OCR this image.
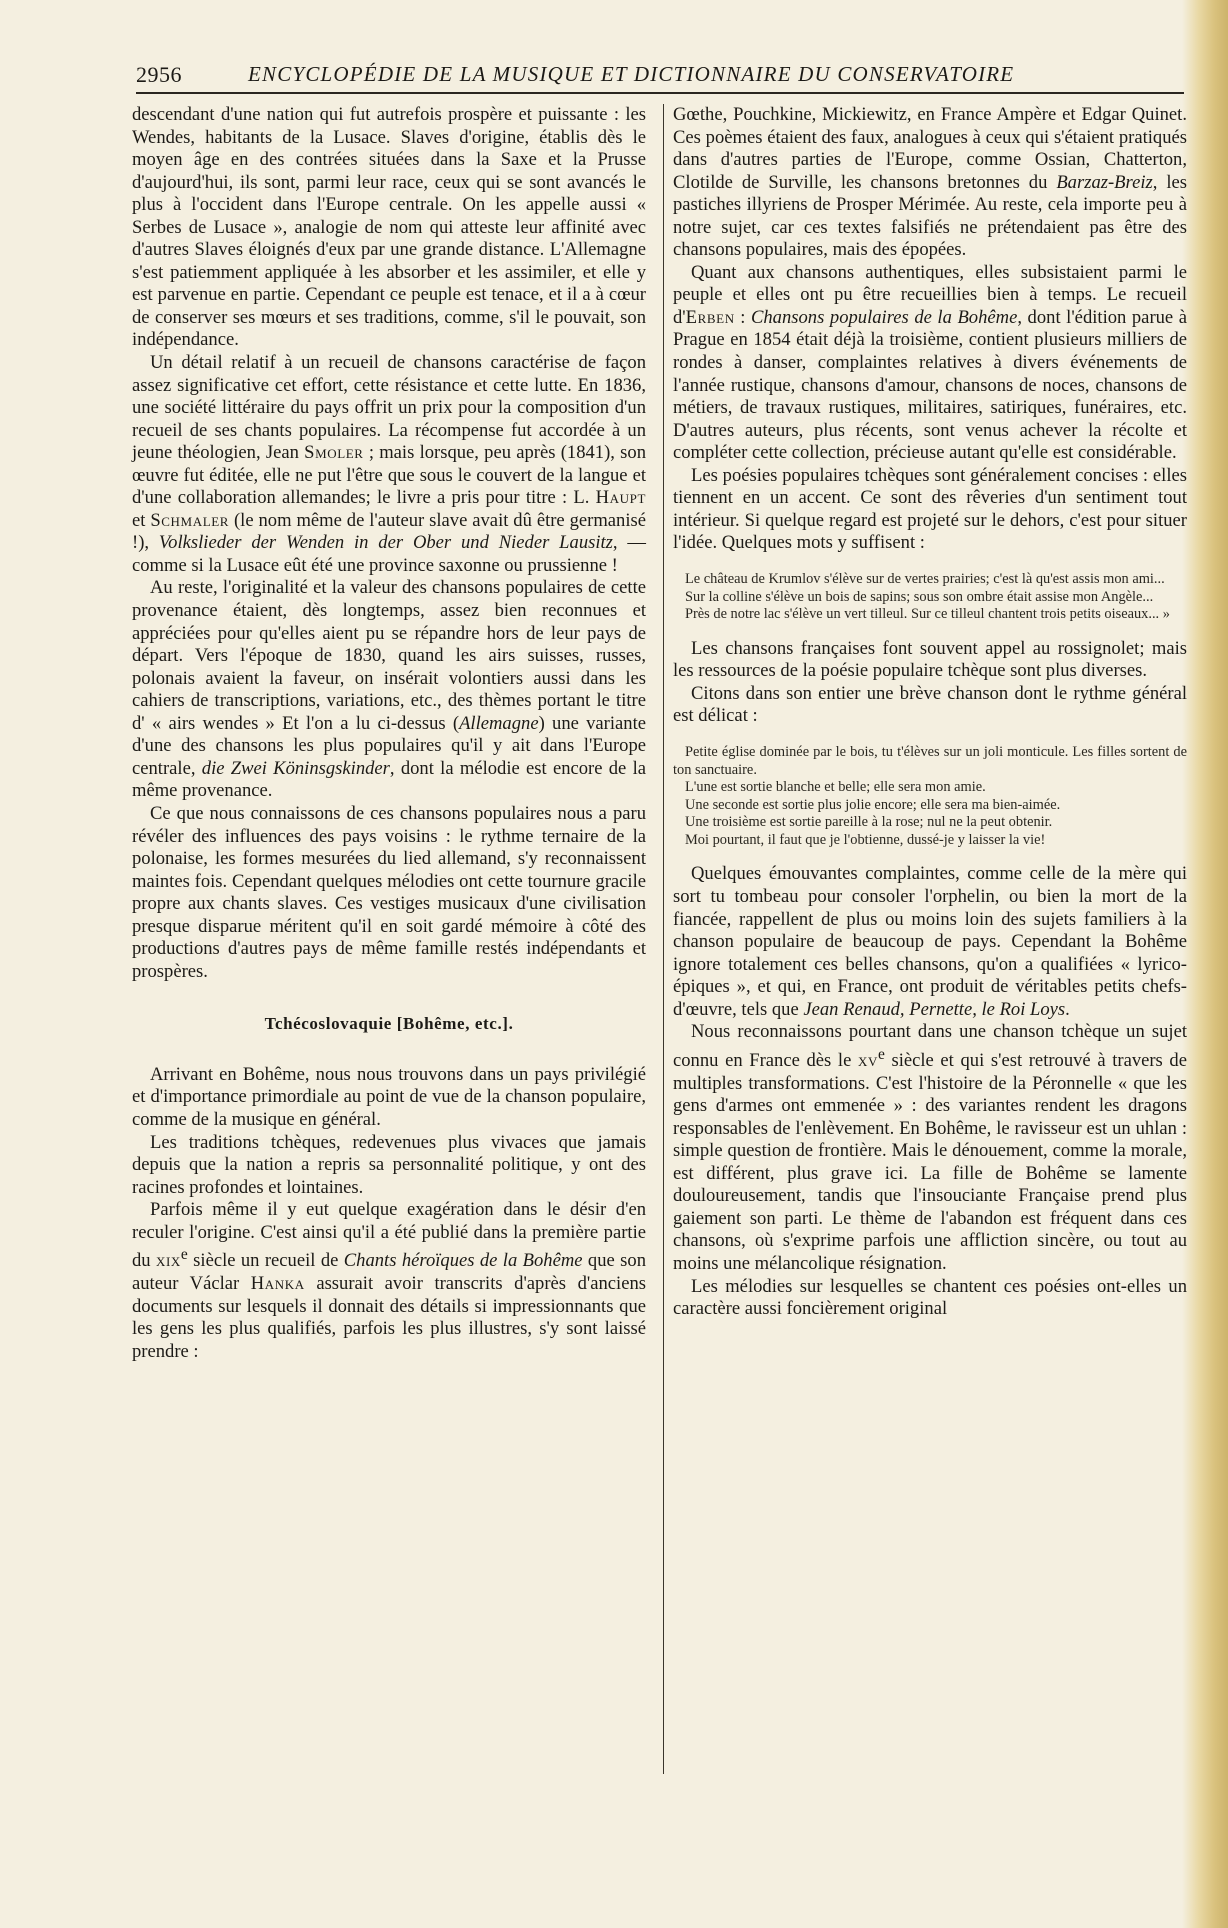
2956	ENCYCLOPÉDIE DE LA MUSIQUE ET DICTIONNAIRE DU CONSERVATOIRE

descendant d'une nation qui fut autrefois prospère et puissante : les Wendes, habitants de la Lusace. Slaves d'origine, établis dès le moyen âge en des contrées situées dans la Saxe et la Prusse d'aujourd'hui, ils sont, parmi leur race, ceux qui se sont avancés le plus à l'occident dans l'Europe centrale. On les appelle aussi « Serbes de Lusace », analogie de nom qui atteste leur affinité avec d'autres Slaves éloignés d'eux par une grande distance. L'Allemagne s'est patiemment appliquée à les absorber et les assimiler, et elle y est parvenue en partie. Cependant ce peuple est tenace, et il a à cœur de conserver ses mœurs et ses traditions, comme, s'il le pouvait, son indépendance.

Un détail relatif à un recueil de chansons caractérise de façon assez significative cet effort, cette résistance et cette lutte. En 1836, une société littéraire du pays offrit un prix pour la composition d'un recueil de ses chants populaires. La récompense fut accordée à un jeune théologien, Jean Smoler ; mais lorsque, peu après (1841), son œuvre fut éditée, elle ne put l'être que sous le couvert de la langue et d'une collaboration allemandes; le livre a pris pour titre : L. Haupt et Schmaler (le nom même de l'auteur slave avait dû être germanisé !), Volkslieder der Wenden in der Ober und Nieder Lausitz, — comme si la Lusace eût été une province saxonne ou prussienne !

Au reste, l'originalité et la valeur des chansons populaires de cette provenance étaient, dès longtemps, assez bien reconnues et appréciées pour qu'elles aient pu se répandre hors de leur pays de départ. Vers l'époque de 1830, quand les airs suisses, russes, polonais avaient la faveur, on insérait volontiers aussi dans les cahiers de transcriptions, variations, etc., des thèmes portant le titre d' « airs wendes » Et l'on a lu ci-dessus (Allemagne) une variante d'une des chansons les plus populaires qu'il y ait dans l'Europe centrale, die Zwei Köninsgskinder, dont la mélodie est encore de la même provenance.

Ce que nous connaissons de ces chansons populaires nous a paru révéler des influences des pays voisins : le rythme ternaire de la polonaise, les formes mesurées du lied allemand, s'y reconnaissent maintes fois. Cependant quelques mélodies ont cette tournure gracile propre aux chants slaves. Ces vestiges musicaux d'une civilisation presque disparue méritent qu'il en soit gardé mémoire à côté des productions d'autres pays de même famille restés indépendants et prospères.

Tchécoslovaquie [Bohême, etc.].

Arrivant en Bohême, nous nous trouvons dans un pays privilégié et d'importance primordiale au point de vue de la chanson populaire, comme de la musique en général.

Les traditions tchèques, redevenues plus vivaces que jamais depuis que la nation a repris sa personnalité politique, y ont des racines profondes et lointaines.

Parfois même il y eut quelque exagération dans le désir d'en reculer l'origine. C'est ainsi qu'il a été publié dans la première partie du xix$^e$ siècle un recueil de Chants héroïques de la Bohême que son auteur Václar Hanka assurait avoir transcrits d'après d'anciens documents sur lesquels il donnait des détails si impressionnants que les gens les plus qualifiés, parfois les plus illustres, s'y sont laissé prendre :

Gœthe, Pouchkine, Mickiewitz, en France Ampère et Edgar Quinet. Ces poèmes étaient des faux, analogues à ceux qui s'étaient pratiqués dans d'autres parties de l'Europe, comme Ossian, Chatterton, Clotilde de Surville, les chansons bretonnes du Barzaz-Breiz, les pastiches illyriens de Prosper Mérimée. Au reste, cela importe peu à notre sujet, car ces textes falsifiés ne prétendaient pas être des chansons populaires, mais des épopées.

Quant aux chansons authentiques, elles subsistaient parmi le peuple et elles ont pu être recueillies bien à temps. Le recueil d'Erben : Chansons populaires de la Bohême, dont l'édition parue à Prague en 1854 était déjà la troisième, contient plusieurs milliers de rondes à danser, complaintes relatives à divers événements de l'année rustique, chansons d'amour, chansons de noces, chansons de métiers, de travaux rustiques, militaires, satiriques, funéraires, etc. D'autres auteurs, plus récents, sont venus achever la récolte et compléter cette collection, précieuse autant qu'elle est considérable.

Les poésies populaires tchèques sont généralement concises : elles tiennent en un accent. Ce sont des rêveries d'un sentiment tout intérieur. Si quelque regard est projeté sur le dehors, c'est pour situer l'idée. Quelques mots y suffisent :

Le château de Krumlov s'élève sur de vertes prairies; c'est là qu'est assis mon ami...

Sur la colline s'élève un bois de sapins; sous son ombre était assise mon Angèle...

Près de notre lac s'élève un vert tilleul. Sur ce tilleul chantent trois petits oiseaux... »

Les chansons françaises font souvent appel au rossignolet; mais les ressources de la poésie populaire tchèque sont plus diverses.

Citons dans son entier une brève chanson dont le rythme général est délicat :

Petite église dominée par le bois, tu t'élèves sur un joli monticule. Les filles sortent de ton sanctuaire.

L'une est sortie blanche et belle; elle sera mon amie.

Une seconde est sortie plus jolie encore; elle sera ma bien-aimée.

Une troisième est sortie pareille à la rose; nul ne la peut obtenir.

Moi pourtant, il faut que je l'obtienne, dussé-je y laisser la vie!

Quelques émouvantes complaintes, comme celle de la mère qui sort tu tombeau pour consoler l'orphelin, ou bien la mort de la fiancée, rappellent de plus ou moins loin des sujets familiers à la chanson populaire de beaucoup de pays. Cependant la Bohême ignore totalement ces belles chansons, qu'on a qualifiées « lyrico-épiques », et qui, en France, ont produit de véritables petits chefs-d'œuvre, tels que Jean Renaud, Pernette, le Roi Loys.

Nous reconnaissons pourtant dans une chanson tchèque un sujet connu en France dès le $xv^e$ siècle et qui s'est retrouvé à travers de multiples transformations. C'est l'histoire de la Péronnelle « que les gens d'armes ont emmenée » : des variantes rendent les dragons responsables de l'enlèvement. En Bohême, le ravisseur est un uhlan : simple question de frontière. Mais le dénouement, comme la morale, est différent, plus grave ici. La fille de Bohême se lamente douloureusement, tandis que l'insouciante Française prend plus gaiement son parti. Le thème de l'abandon est fréquent dans ces chansons, où s'exprime parfois une affliction sincère, ou tout au moins une mélancolique résignation.

Les mélodies sur lesquelles se chantent ces poésies ont-elles un caractère aussi foncièrement original
